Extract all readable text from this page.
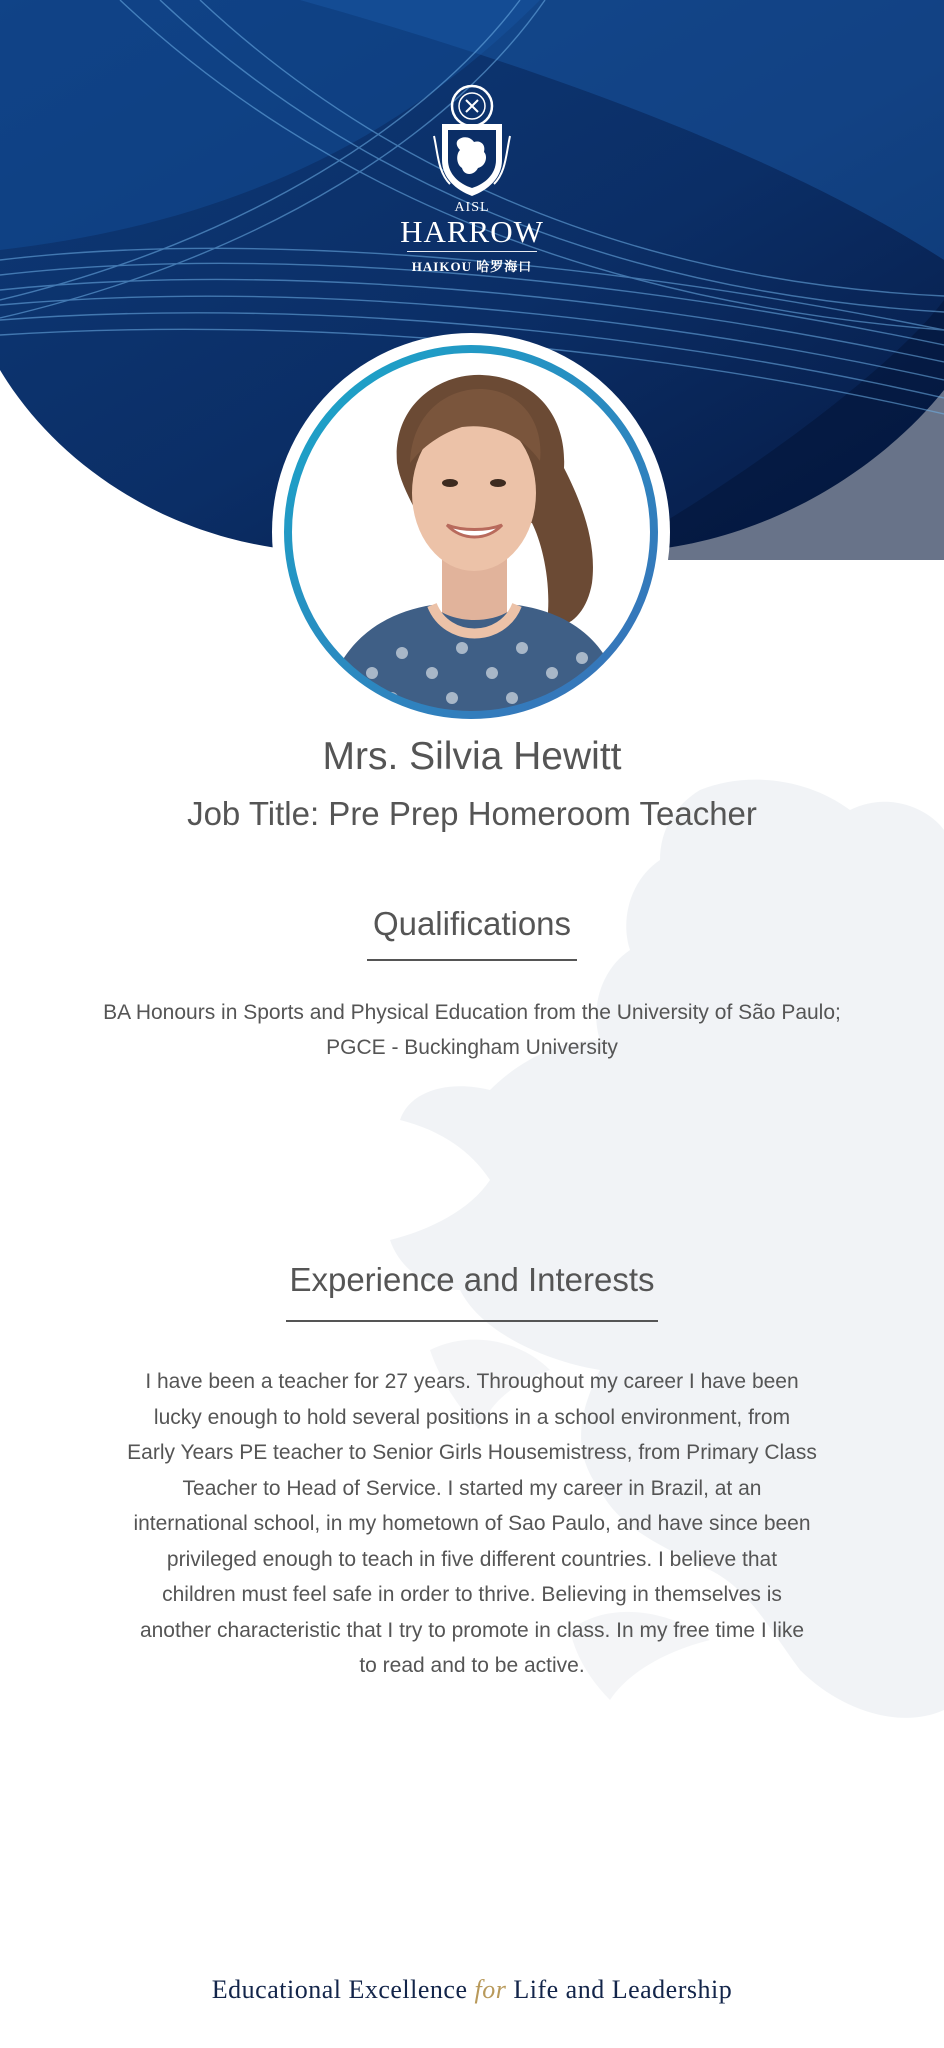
AISL
HARROW
HAIKOU 哈罗海口
Mrs. Silvia Hewitt
Job Title: Pre Prep Homeroom Teacher
Qualifications
BA Honours in Sports and Physical Education from the University of São Paulo;
PGCE - Buckingham University
Experience and Interests
I have been a teacher for 27 years. Throughout my career I have been
lucky enough to hold several positions in a school environment, from
Early Years PE teacher to Senior Girls Housemistress, from Primary Class
Teacher to Head of Service. I started my career in Brazil, at an
international school, in my hometown of Sao Paulo, and have since been
privileged enough to teach in five different countries. I believe that
children must feel safe in order to thrive. Believing in themselves is
another characteristic that I try to promote in class. In my free time I like
to read and to be active.
Educational Excellence for Life and Leadership
